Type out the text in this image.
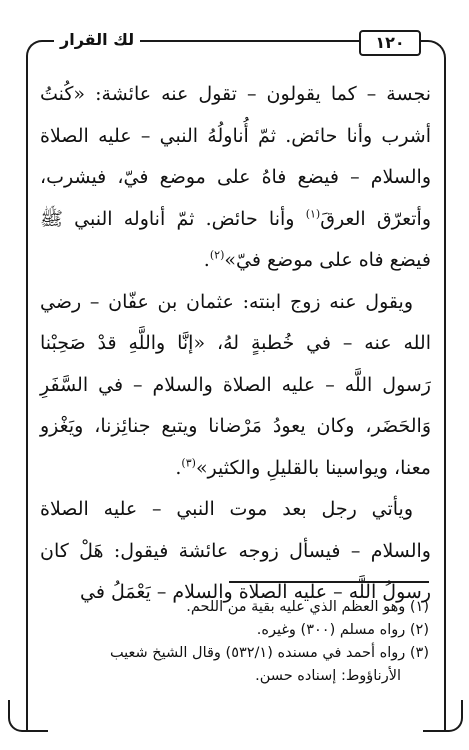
لك القرار	١٢٠

نجسة – كما يقولون – تقول عنه عائشة: «كُنتُ أشرب وأنا حائض. ثمّ أُناولُهُ النبي – عليه الصلاة والسلام – فيضع فاهُ على موضع فيّ، فيشرب، وأتعرّق العرقَ$^{(١)}$ وأنا حائض. ثمّ أناوله النبي ﷺ فيضع فاه على موضع فيّ»$^{(٢)}$.

ويقول عنه زوج ابنته: عثمان بن عفّان – رضي الله عنه – في خُطبةٍ لهُ، «إنَّا واللَّهِ قدْ صَحِبْنا رَسول اللَّه – عليه الصلاة والسلام – في السَّفَرِ وَالحَضَر، وكان يعودُ مَرْضانا ويتبع جنائِزنا، ويَغْزو معنا، ويواسينا بالقليلِ والكثير»$^{(٣)}$.

ويأتي رجل بعد موت النبي – عليه الصلاة والسلام – فيسأل زوجه عائشة فيقول: هَلْ كان رسولُ اللَّه – عليه الصلاة والسلام – يَعْمَلُ في

(١) وهو العظم الذي عليه بقية من اللحم.

(٢) رواه مسلم (٣٠٠) وغيره.

(٣) رواه أحمد في مسنده (٥٣٢/١) وقال الشيخ شعيب
الأرناؤوط: إسناده حسن.
